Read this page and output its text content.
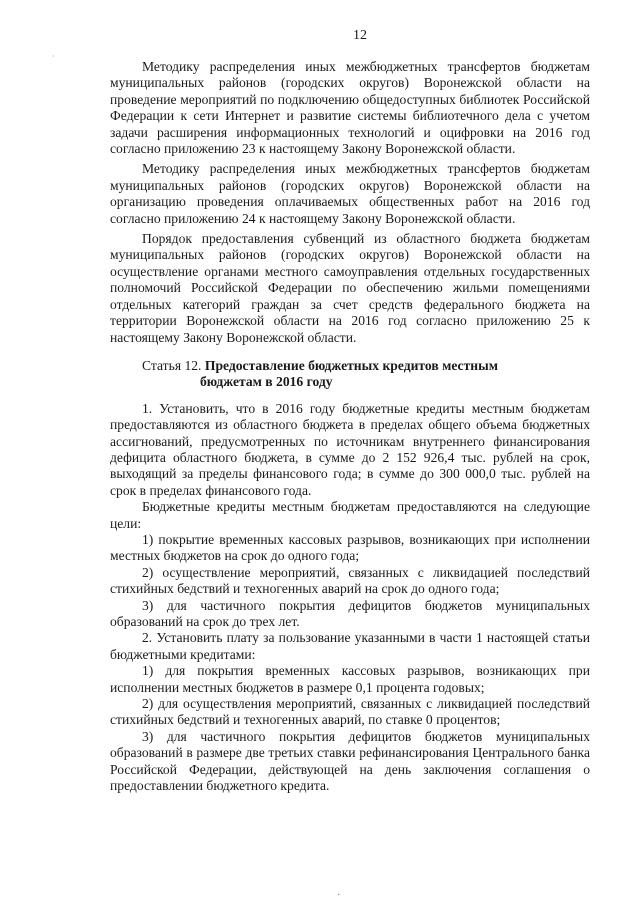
12

Методику распределения иных межбюджетных трансфертов бюджетам муниципальных районов (городских округов) Воронежской области на проведение мероприятий по подключению общедоступных библиотек Российской Федерации к сети Интернет и развитие системы библиотечного дела с учетом задачи расширения информационных технологий и оцифровки на 2016 год согласно приложению 23 к настоящему Закону Воронежской области.

Методику распределения иных межбюджетных трансфертов бюджетам муниципальных районов (городских округов) Воронежской области на организацию проведения оплачиваемых общественных работ на 2016 год согласно приложению 24 к настоящему Закону Воронежской области.

Порядок предоставления субвенций из областного бюджета бюджетам муниципальных районов (городских округов) Воронежской области на осуществление органами местного самоуправления отдельных государственных полномочий Российской Федерации по обеспечению жильми помещениями отдельных категорий граждан за счет средств федерального бюджета на территории Воронежской области на 2016 год согласно приложению 25 к настоящему Закону Воронежской области.

Статья 12. Предоставление бюджетных кредитов местным
бюджетам в 2016 году

1. Установить, что в 2016 году бюджетные кредиты местным бюджетам предоставляются из областного бюджета в пределах общего объема бюджетных ассигнований, предусмотренных по источникам внутреннего финансирования дефицита областного бюджета, в сумме до 2 152 926,4 тыс. рублей на срок, выходящий за пределы финансового года; в сумме до 300 000,0 тыс. рублей на срок в пределах финансового года.

Бюджетные кредиты местным бюджетам предоставляются на следующие цели:

1) покрытие временных кассовых разрывов, возникающих при исполнении местных бюджетов на срок до одного года;

2) осуществление мероприятий, связанных с ликвидацией последствий стихийных бедствий и техногенных аварий на срок до одного года;

3) для частичного покрытия дефицитов бюджетов муниципальных образований на срок до трех лет.

2. Установить плату за пользование указанными в части 1 настоящей статьи бюджетными кредитами:

1) для покрытия временных кассовых разрывов, возникающих при исполнении местных бюджетов в размере 0,1 процента годовых;

2) для осуществления мероприятий, связанных с ликвидацией последствий стихийных бедствий и техногенных аварий, по ставке 0 процентов;

3) для частичного покрытия дефицитов бюджетов муниципальных образований в размере две третьих ставки рефинансирования Центрального банка Российской Федерации, действующей на день заключения соглашения о предоставлении бюджетного кредита.

·
·
